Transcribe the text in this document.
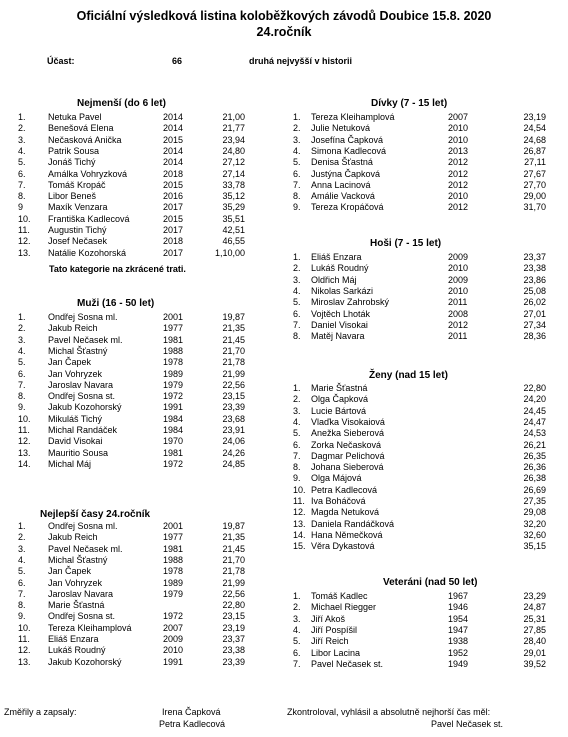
Oficiální výsledková listina koloběžkových závodů Doubice 15.8. 2020
24.ročník
Účast:	66	druhá nejvyšší v historii
Nejmenší (do 6 let)
1. Netuka Pavel	2014	21,00
2. Benešová Elena	2014	21,77
3. Nečasková Anička	2015	23,94
4. Patrik Sousa	2014	24,80
5. Jonáš Tichý	2014	27,12
6. Amálka Vohryzková	2018	27,14
7. Tomáš Kropáč	2015	33,78
8. Libor Beneš	2016	35,12
9	Maxík Venzara	2017	35,29
10. Františka Kadlecová	2015	35,51
11. Augustin Tichý	2017	42,51
12. Josef Nečasek	2018	46,55
13. Natálie Kozohorská	2017	1,10,00
Muži (16 - 50 let)
1. Ondřej Sosna ml.	2001	19,87
2. Jakub Reich	1977	21,35
3. Pavel Nečasek ml.	1981	21,45
4. Michal Šťastný	1988	21,70
5. Jan Čapek	1978	21,78
6. Jan Vohryzek	1989	21,99
7. Jaroslav Navara	1979	22,56
8. Ondřej Sosna st.	1972	23,15
9. Jakub Kozohorský	1991	23,39
10. Mikuláš Tichý	1984	23,68
11. Michal Randáček	1984	23,91
12. David Visokai	1970	24,06
13. Mauritio Sousa	1981	24,26
14. Michal Máj	1972	24,85
Nejlepší časy 24.ročník
1. Ondřej Sosna ml.	2001	19,87
2. Jakub Reich	1977	21,35
3. Pavel Nečasek ml.	1981	21,45
4. Michal Šťastný	1988	21,70
5. Jan Čapek	1978	21,78
6. Jan Vohryzek	1989	21,99
7. Jaroslav Navara	1979	22,56
8. Marie Šťastná	22,80
9. Ondřej Sosna st.	1972	23,15
10. Tereza Kleihamplová	2007	23,19
11. Eliáš Enzara	2009	23,37
12. Lukáš Roudný	2010	23,38
13. Jakub Kozohorský	1991	23,39
Dívky (7 - 15 let)
1. Tereza Kleihamplová	2007	23,19
2. Julie Netuková	2010	24,54
3. Josefína Čapková	2010	24,68
4. Simona Kadlecová	2013	26,87
5. Denisa Šťastná	2012	27,11
6. Justýna Čapková	2012	27,67
7. Anna Lacinová	2012	27,70
8. Amálie Vacková	2010	29,00
9. Tereza Kropáčová	2012	31,70
Hoši (7 - 15 let)
1. Eliáš Enzara	2009	23,37
2. Lukáš Roudný	2010	23,38
3. Oldřich Máj	2009	23,86
4. Nikolas Sarkázi	2010	25,08
5. Miroslav Zahrobský	2011	26,02
6. Vojtěch Lhoták	2008	27,01
7. Daniel Visokai	2012	27,34
8. Matěj Navara	2011	28,36
Ženy (nad 15 let)
1. Marie Šťastná	22,80
2. Olga Čapková	24,20
3. Lucie Bártová	24,45
4. Vlaďka Visokaiová	24,47
5. Anežka Sieberová	24,53
6. Zorka Nečasková	26,21
7. Dagmar Pelichová	26,35
8. Johana Sieberová	26,36
9. Olga Májová	26,38
10. Petra Kadlecová	26,69
11. Iva Boháčová	27,35
12. Magda Netuková	29,08
13. Daniela Randáčková	32,20
14. Hana Němečková	32,60
15. Věra Dykastová	35,15
Veteráni (nad 50 let)
1. Tomáš Kadlec	1967	23,29
2. Michael Riegger	1946	24,87
3. Jiří Akoš	1954	25,31
4. Jiří Pospíšil	1947	27,85
5. Jiří Reich	1938	28,40
6. Libor Lacina	1952	29,01
7. Pavel Nečasek st.	1949	39,52
Tato kategorie na zkrácené trati.
Změřily a zapsaly:	Irena Čapková
Petra Kadlecová
Zkontroloval, vyhlásil a absolutně nejhorší čas měl:
Pavel Nečasek st.
